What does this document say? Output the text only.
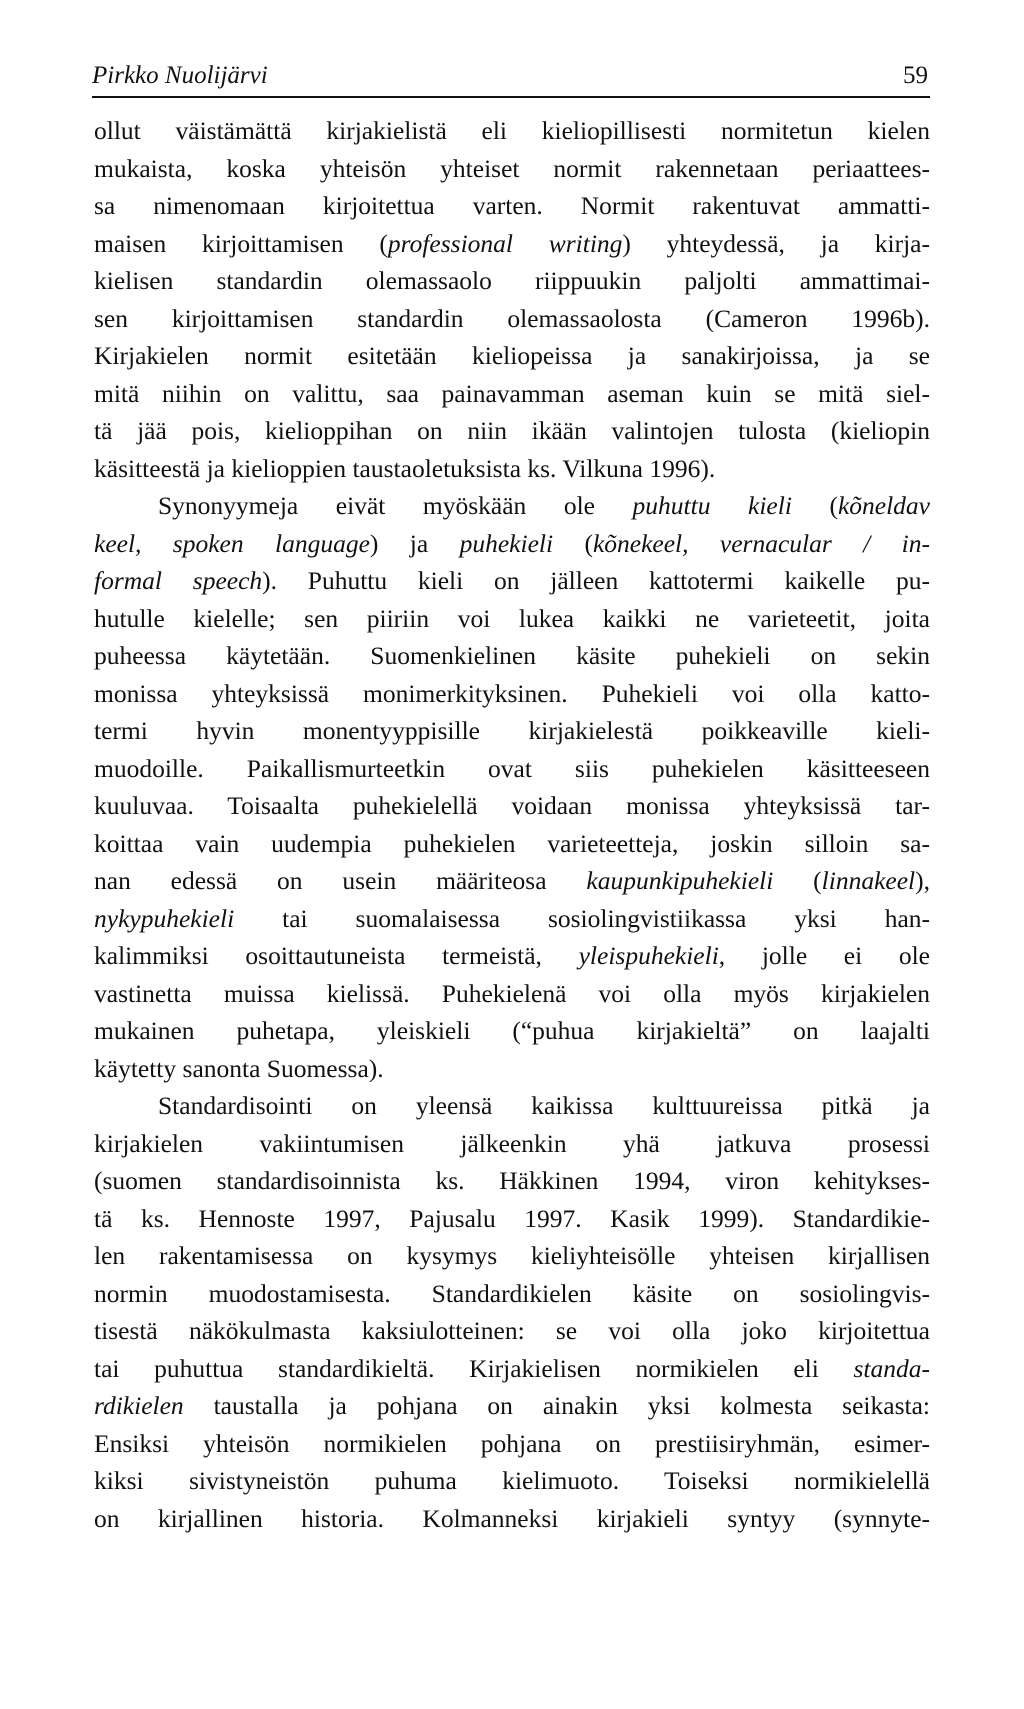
Pirkko Nuolijärvi	59
ollut väistämättä kirjakielistä eli kieliopillisesti normitetun kielen
mukaista, koska yhteisön yhteiset normit rakennetaan periaattees-
sa nimenomaan kirjoitettua varten. Normit rakentuvat ammatti-
maisen kirjoittamisen (professional writing) yhteydessä, ja kirja-
kielisen standardin olemassaolo riippuukin paljolti ammattimai-
sen kirjoittamisen standardin olemassaolosta (Cameron 1996b).
Kirjakielen normit esitetään kieliopeissa ja sanakirjoissa, ja se
mitä niihin on valittu, saa painavamman aseman kuin se mitä siel-
tä jää pois, kielioppihan on niin ikään valintojen tulosta (kieliopin
käsitteestä ja kielioppien taustaoletuksista ks. Vilkuna 1996).
Synonyymeja eivät myöskään ole puhuttu kieli (kõneldav
keel, spoken language) ja puhekieli (kõnekeel, vernacular / in-
formal speech). Puhuttu kieli on jälleen kattotermi kaikelle pu-
hutulle kielelle; sen piiriin voi lukea kaikki ne varieteetit, joita
puheessa käytetään. Suomenkielinen käsite puhekieli on sekin
monissa yhteyksissä monimerkityksinen. Puhekieli voi olla katto-
termi hyvin monentyyppisille kirjakielestä poikkeaville kieli-
muodoille. Paikallismurteetkin ovat siis puhekielen käsitteeseen
kuuluvaa. Toisaalta puhekielellä voidaan monissa yhteyksissä tar-
koittaa vain uudempia puhekielen varieteetteja, joskin silloin sa-
nan edessä on usein määriteosa kaupunkipuhekieli (linnakeel),
nykypuhekieli tai suomalaisessa sosiolingvistiikassa yksi han-
kalimmiksi osoittautuneista termeistä, yleispuhekieli, jolle ei ole
vastinetta muissa kielissä. Puhekielenä voi olla myös kirjakielen
mukainen puhetapa, yleiskieli (“puhua kirjakieltä” on laajalti
käytetty sanonta Suomessa).
Standardisointi on yleensä kaikissa kulttuureissa pitkä ja
kirjakielen vakiintumisen jälkeenkin yhä jatkuva prosessi
(suomen standardisoinnista ks. Häkkinen 1994, viron kehitykses-
tä ks. Hennoste 1997, Pajusalu 1997. Kasik 1999). Standardikie-
len rakentamisessa on kysymys kieliyhteisölle yhteisen kirjallisen
normin muodostamisesta. Standardikielen käsite on sosiolingvis-
tisestä näkökulmasta kaksiulotteinen: se voi olla joko kirjoitettua
tai puhuttua standardikieltä. Kirjakielisen normikielen eli standa-
rdikielen taustalla ja pohjana on ainakin yksi kolmesta seikasta:
Ensiksi yhteisön normikielen pohjana on prestiisiryhmän, esimer-
kiksi sivistyneistön puhuma kielimuoto. Toiseksi normikielellä
on kirjallinen historia. Kolmanneksi kirjakieli syntyy (synnyte-
